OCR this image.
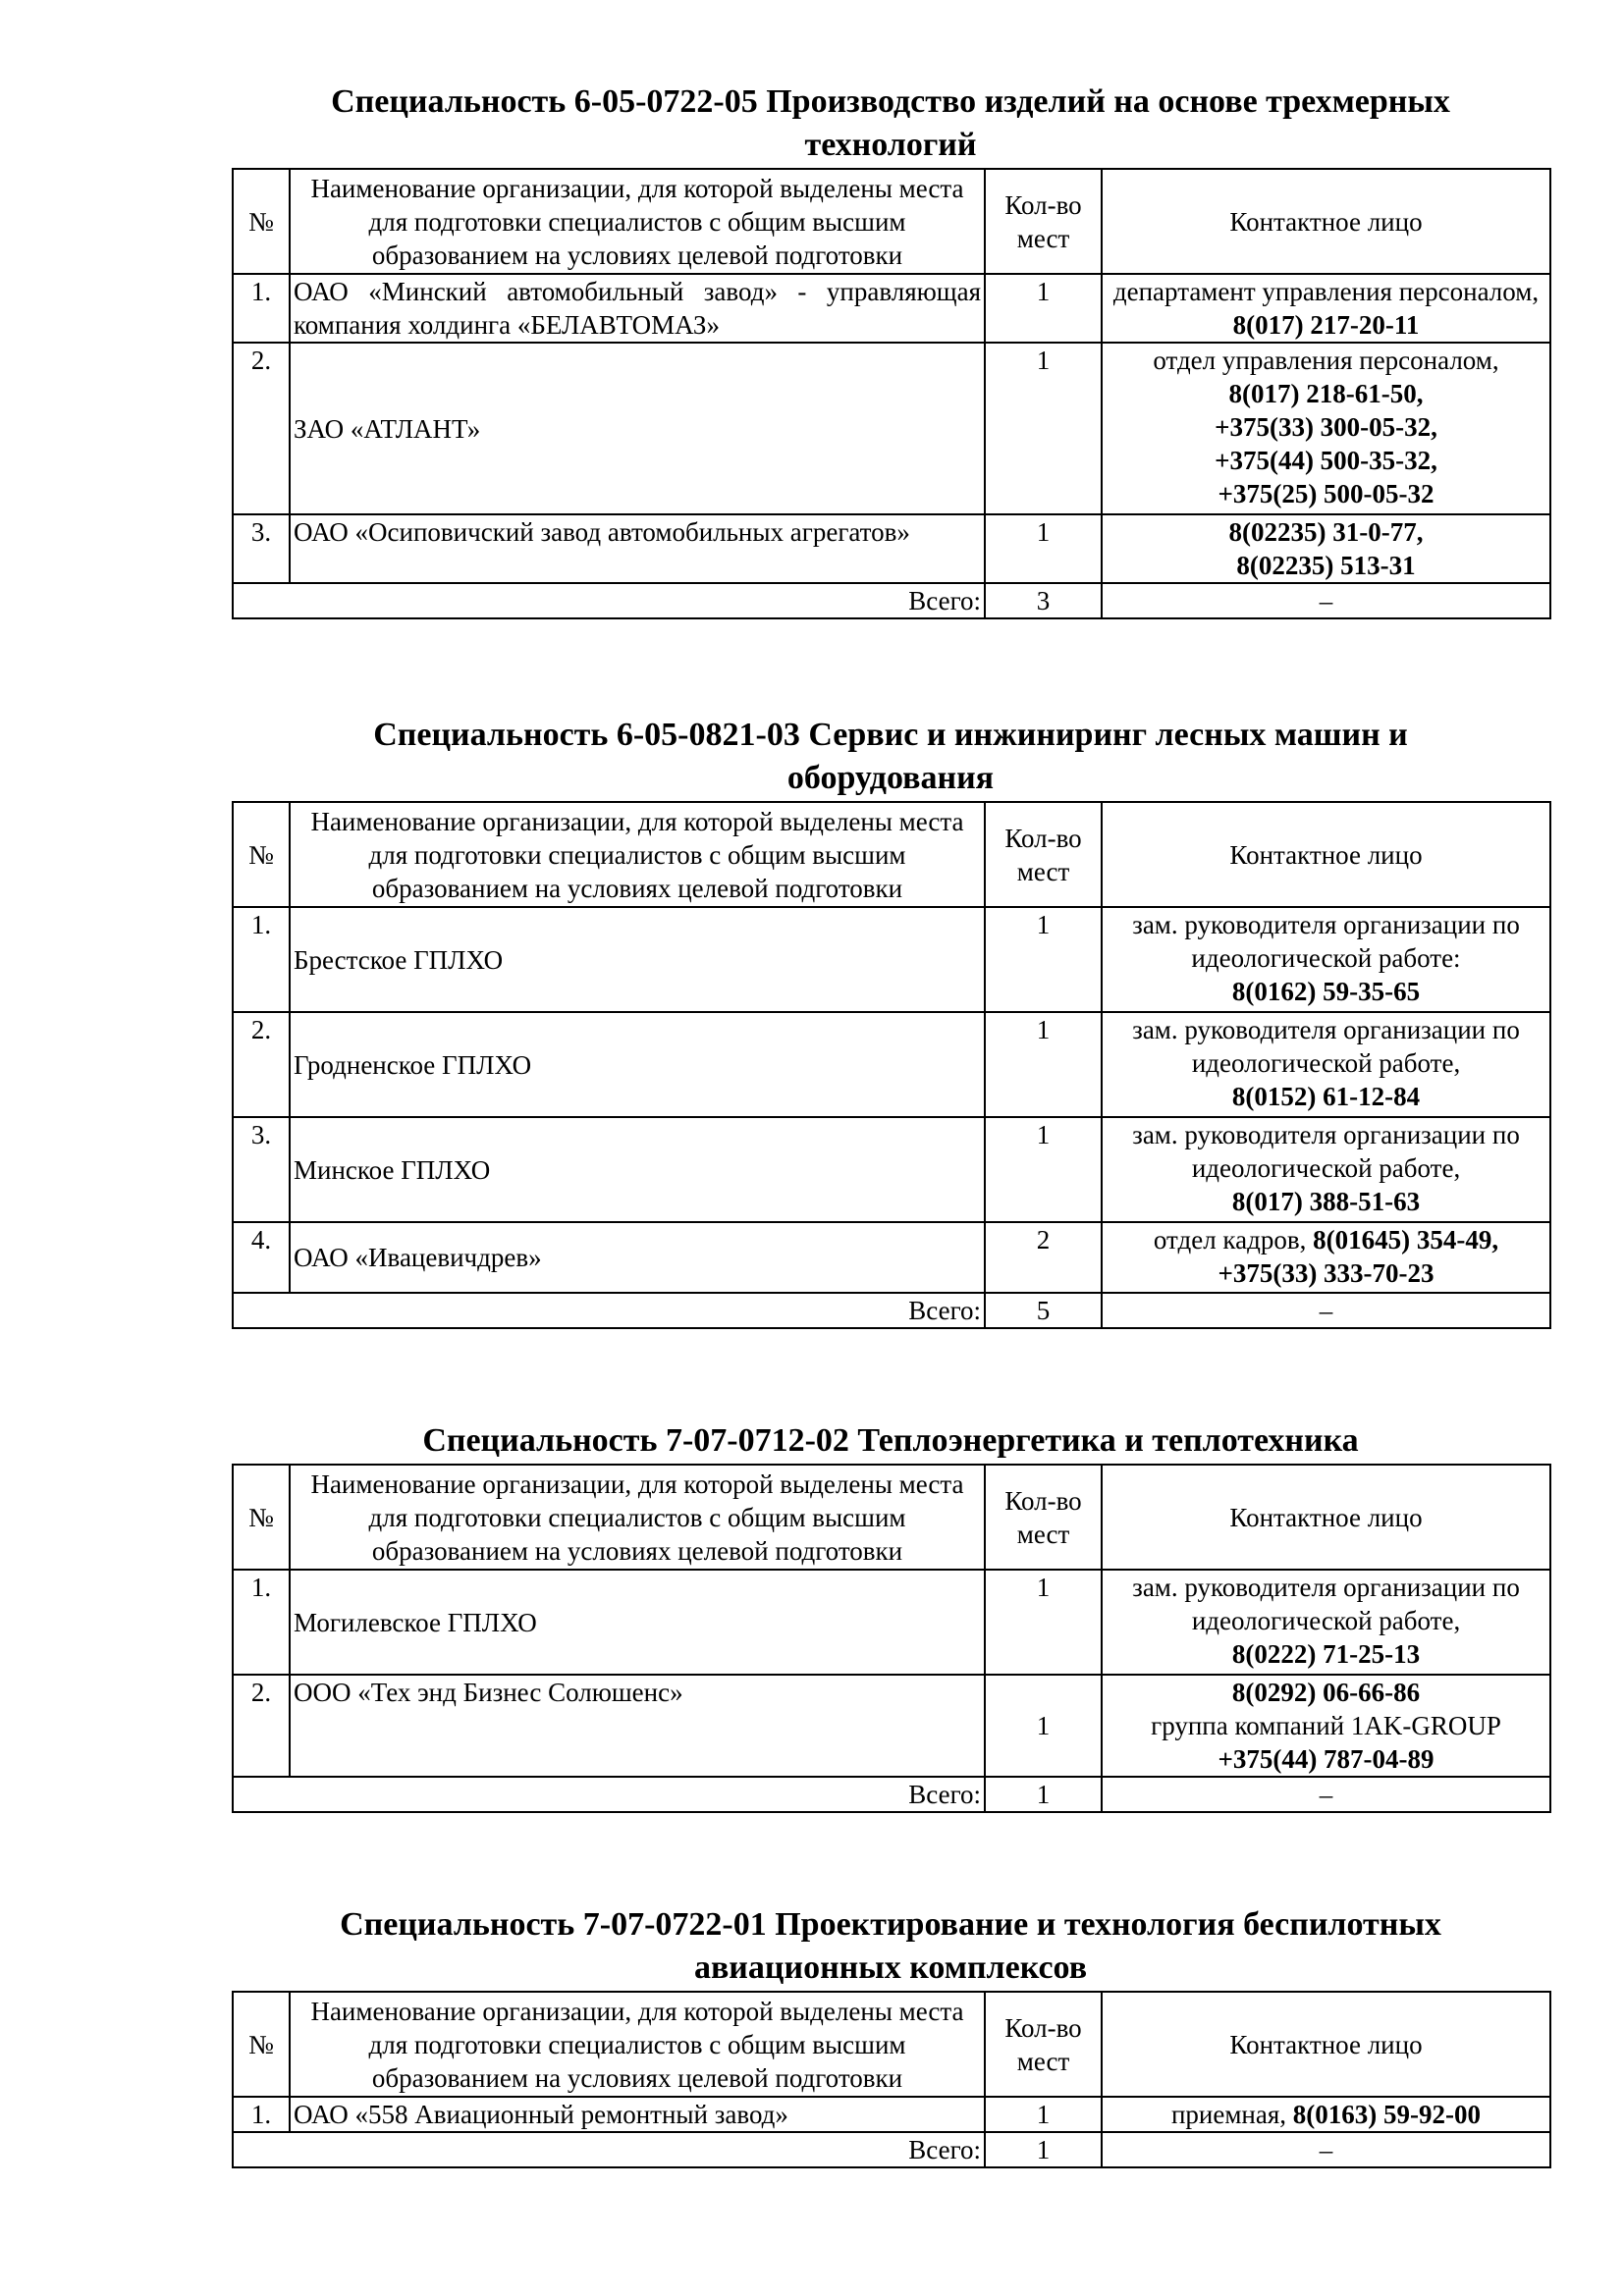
Специальность 6-05-0722-05 Производство изделий на основе трехмерных технологий
№	Наименование организации, для которой выделены места для подготовки специалистов с общим высшим образованием на условиях целевой подготовки	Кол-во мест	Контактное лицо
1.	ОАО «Минский автомобильный завод» - управляющая компания холдинга «БЕЛАВТОМАЗ»	1	департамент управления персоналом, 8(017) 217-20-11
2.	ЗАО «АТЛАНТ»	1	отдел управления персоналом,
8(017) 218-61-50,
+375(33) 300-05-32,
+375(44) 500-35-32,
+375(25) 500-05-32

3.	ОАО «Осиповичский завод автомобильных агрегатов»	1	8(02235) 31-0-77,
8(02235) 513-31

Всего:		3	–
Специальность 6-05-0821-03 Сервис и инжиниринг лесных машин и оборудования
№	Наименование организации, для которой выделены места для подготовки специалистов с общим высшим образованием на условиях целевой подготовки	Кол-во мест	Контактное лицо
1.	Брестское ГПЛХО	1	зам. руководителя организации по идеологической работе:
8(0162) 59-35-65

2.	Гродненское ГПЛХО	1	зам. руководителя организации по идеологической работе,
8(0152) 61-12-84

3.	Минское ГПЛХО	1	зам. руководителя организации по идеологической работе,
8(017) 388-51-63

4.	ОАО «Ивацевичдрев»	2	отдел кадров, 8(01645) 354-49,
+375(33) 333-70-23
Всего:		5	–
Специальность 7-07-0712-02 Теплоэнергетика и теплотехника
№	Наименование организации, для которой выделены места для подготовки специалистов с общим высшим образованием на условиях целевой подготовки	Кол-во мест	Контактное лицо
1.	Могилевское ГПЛХО	1	зам. руководителя организации по идеологической работе,
8(0222) 71-25-13

2.	ООО «Тех энд Бизнес Солюшенс»	1	8(0292) 06-66-86
группа компаний 1AK-GROUP
+375(44) 787-04-89

Всего:		1	–
Специальность 7-07-0722-01 Проектирование и технология беспилотных авиационных комплексов
№	Наименование организации, для которой выделены места для подготовки специалистов с общим высшим образованием на условиях целевой подготовки	Кол-во мест	Контактное лицо
1.	ОАО «558 Авиационный ремонтный завод»	1	приемная, 8(0163) 59-92-00
Всего:		1	–
